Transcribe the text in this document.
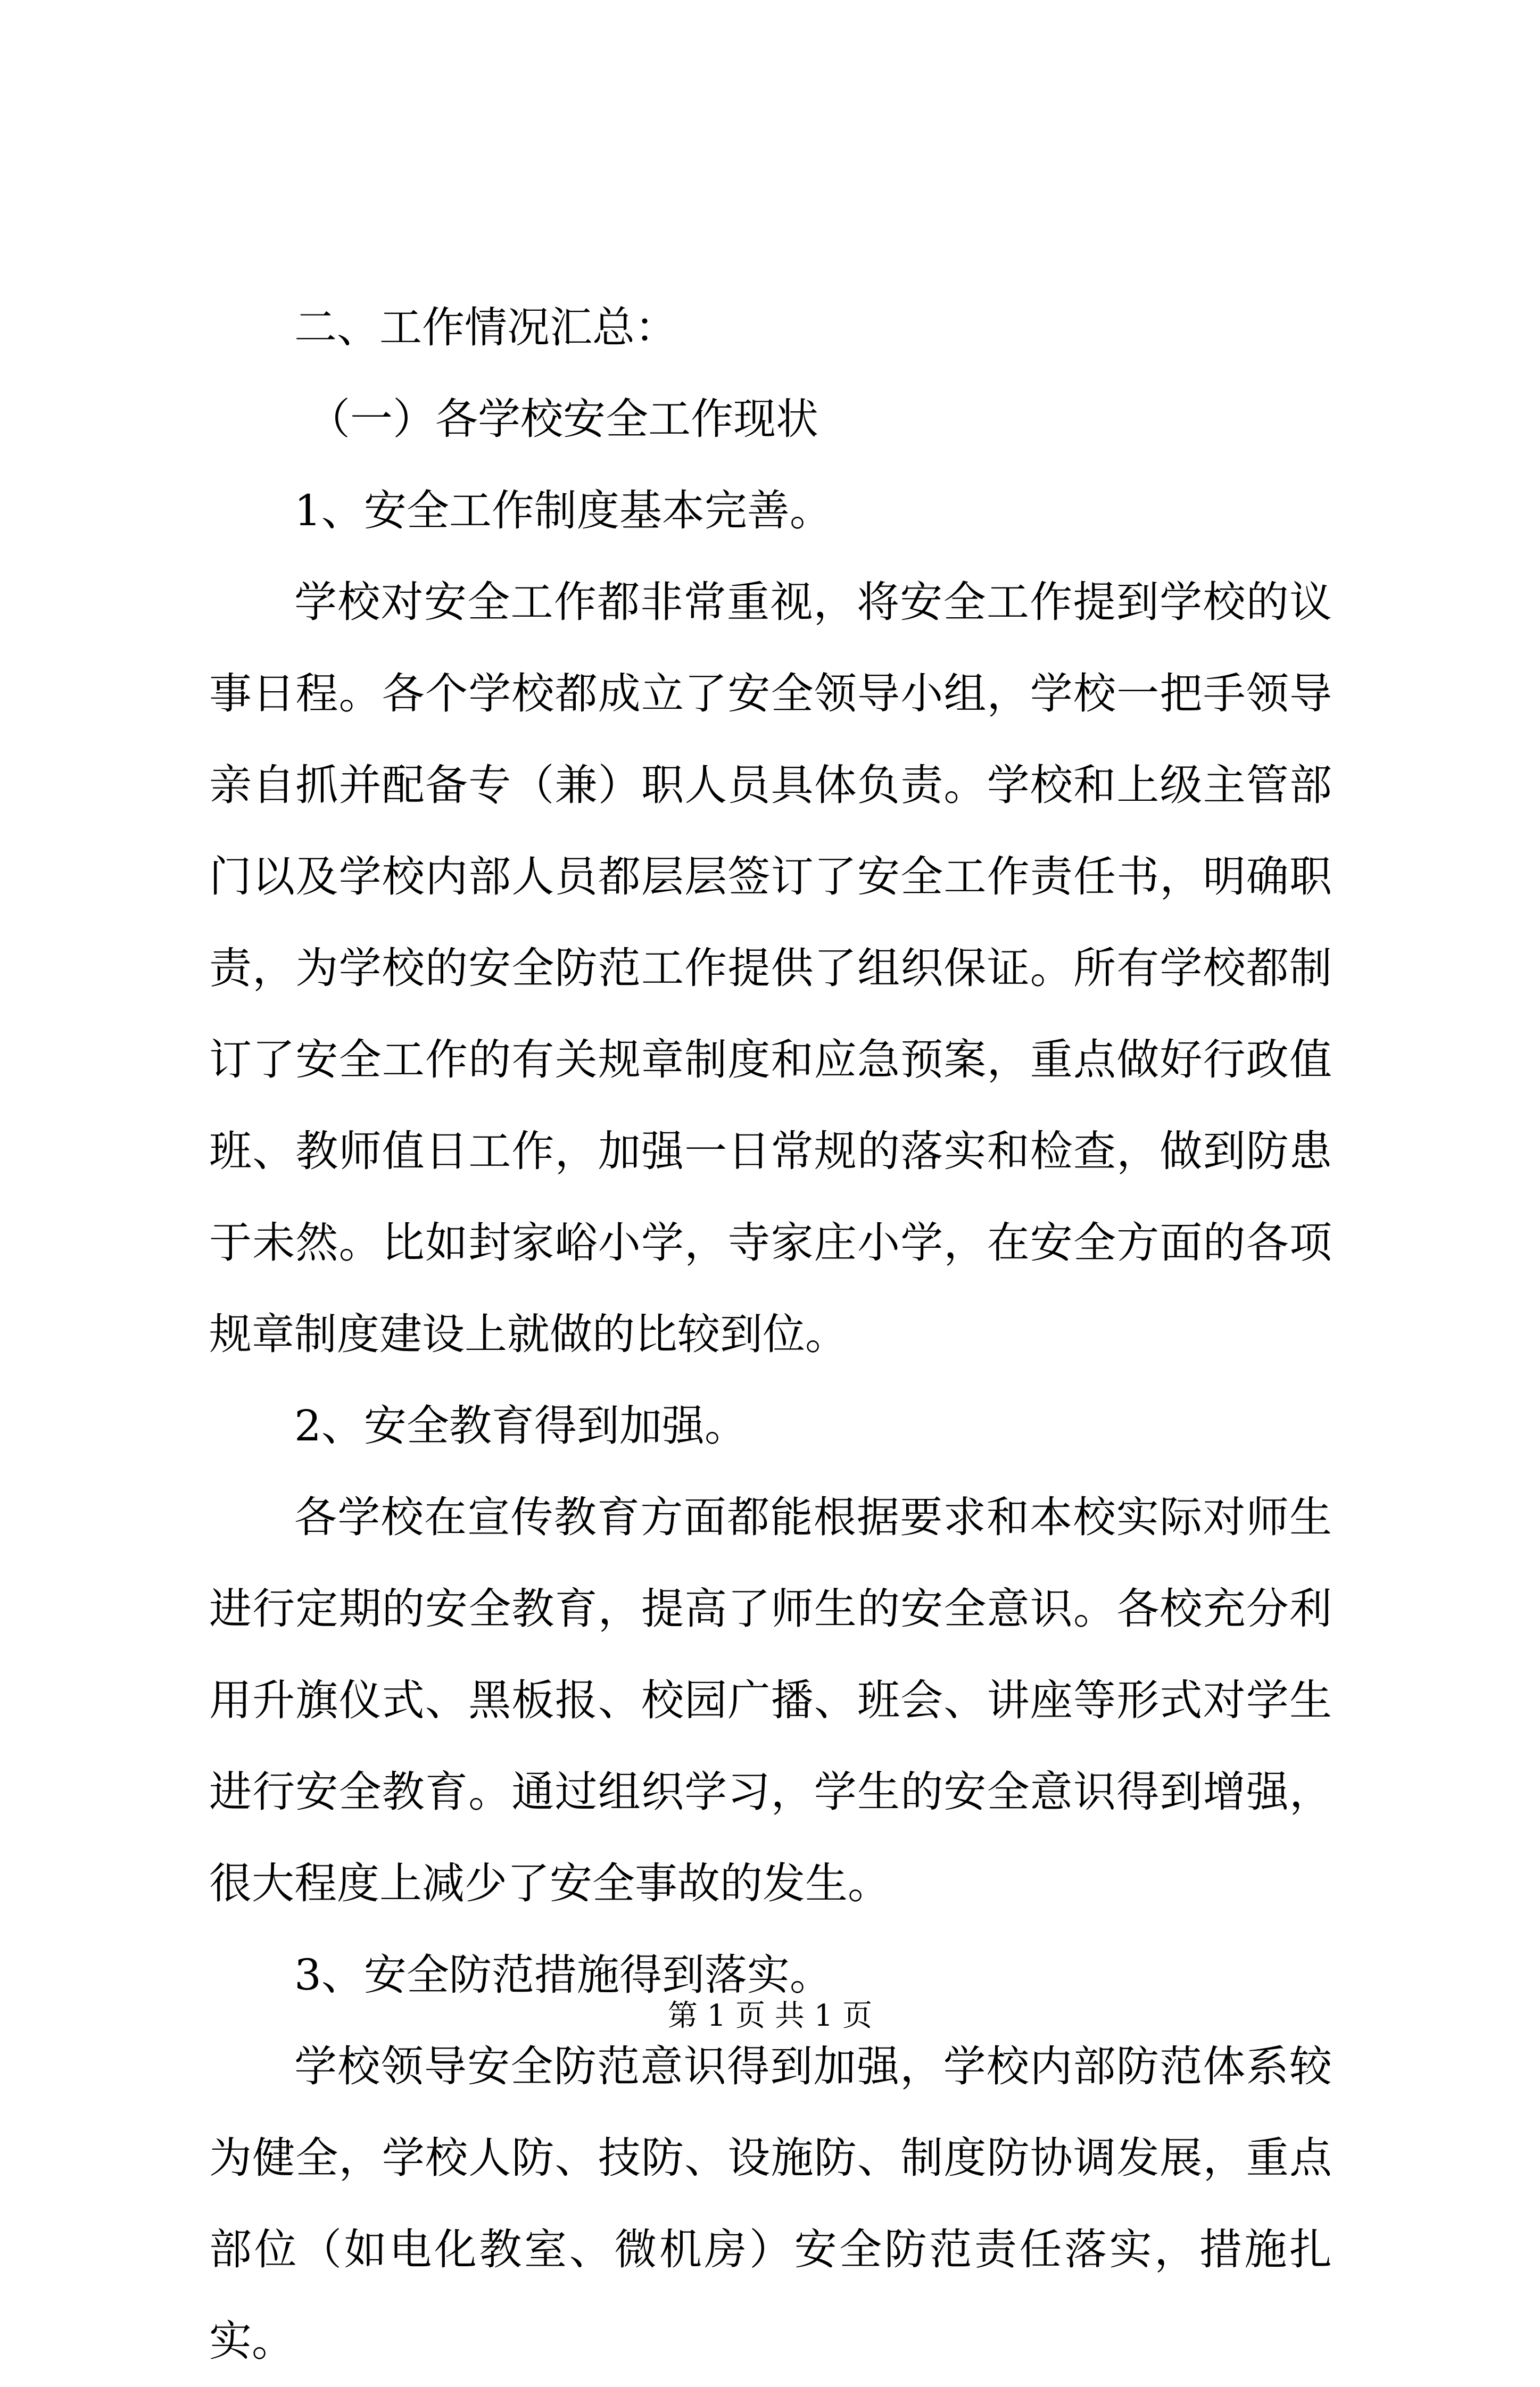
二、工作情况汇总：

（一）各学校安全工作现状

1、安全工作制度基本完善。

学校对安全工作都非常重视，将安全工作提到学校的议事日程。各个学校都成立了安全领导小组，学校一把手领导亲自抓并配备专（兼）职人员具体负责。学校和上级主管部门以及学校内部人员都层层签订了安全工作责任书，明确职责，为学校的安全防范工作提供了组织保证。所有学校都制订了安全工作的有关规章制度和应急预案，重点做好行政值班、教师值日工作，加强一日常规的落实和检查，做到防患于未然。比如封家峪小学，寺家庄小学，在安全方面的各项规章制度建设上就做的比较到位。

2、安全教育得到加强。

各学校在宣传教育方面都能根据要求和本校实际对师生进行定期的安全教育，提高了师生的安全意识。各校充分利用升旗仪式、黑板报、校园广播、班会、讲座等形式对学生进行安全教育。通过组织学习，学生的安全意识得到增强，很大程度上减少了安全事故的发生。

3、安全防范措施得到落实。

学校领导安全防范意识得到加强，学校内部防范体系较为健全，学校人防、技防、设施防、制度防协调发展，重点部位（如电化教室、微机房）安全防范责任落实，措施扎实。

第 1 页 共 1 页
